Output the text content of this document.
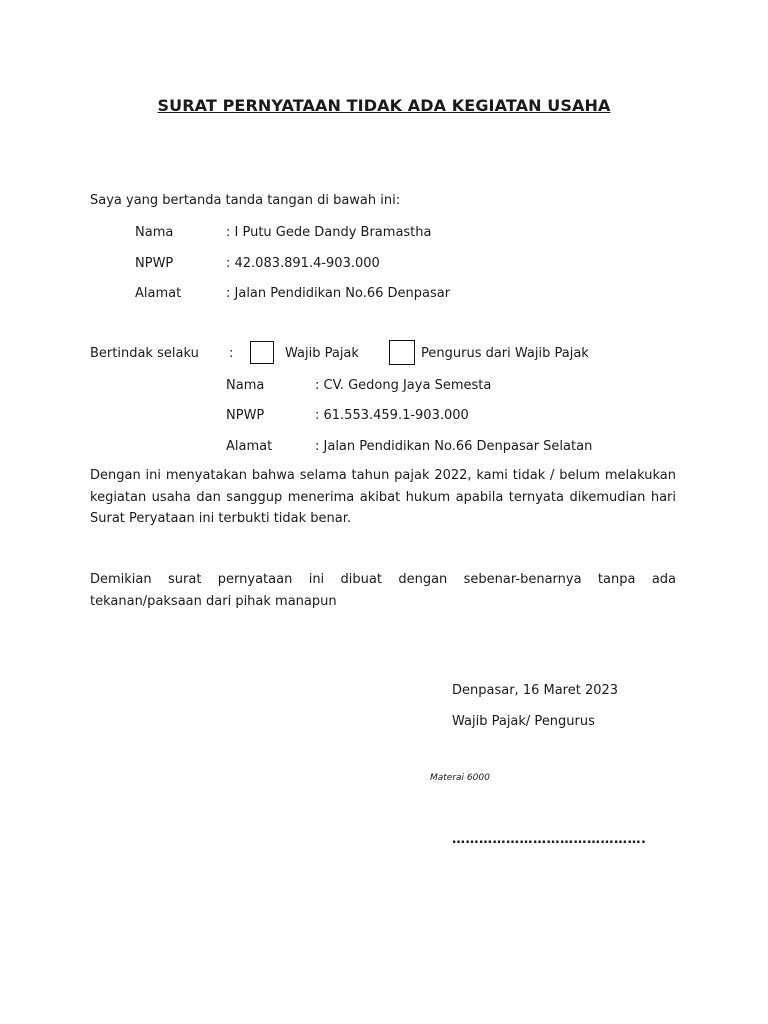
SURAT PERNYATAAN TIDAK ADA KEGIATAN USAHA
Saya yang bertanda tanda tangan di bawah ini:
Nama	: I Putu Gede Dandy Bramastha
NPWP	: 42.083.891.4-903.000
Alamat	: Jalan Pendidikan No.66 Denpasar
Bertindak selaku :	Wajib Pajak	Pengurus dari Wajib Pajak
Nama	: CV. Gedong Jaya Semesta
NPWP	: 61.553.459.1-903.000
Alamat	: Jalan Pendidikan No.66 Denpasar Selatan
Dengan ini menyatakan bahwa selama tahun pajak 2022, kami tidak / belum melakukan kegiatan usaha dan sanggup menerima akibat hukum apabila ternyata dikemudian hari Surat Peryataan ini terbukti tidak benar.
Demikian surat pernyataan ini dibuat dengan sebenar-benarnya tanpa ada tekanan/paksaan dari pihak manapun
Denpasar, 16 Maret 2023
Wajib Pajak/ Pengurus
Materai 6000
…………………………………….
